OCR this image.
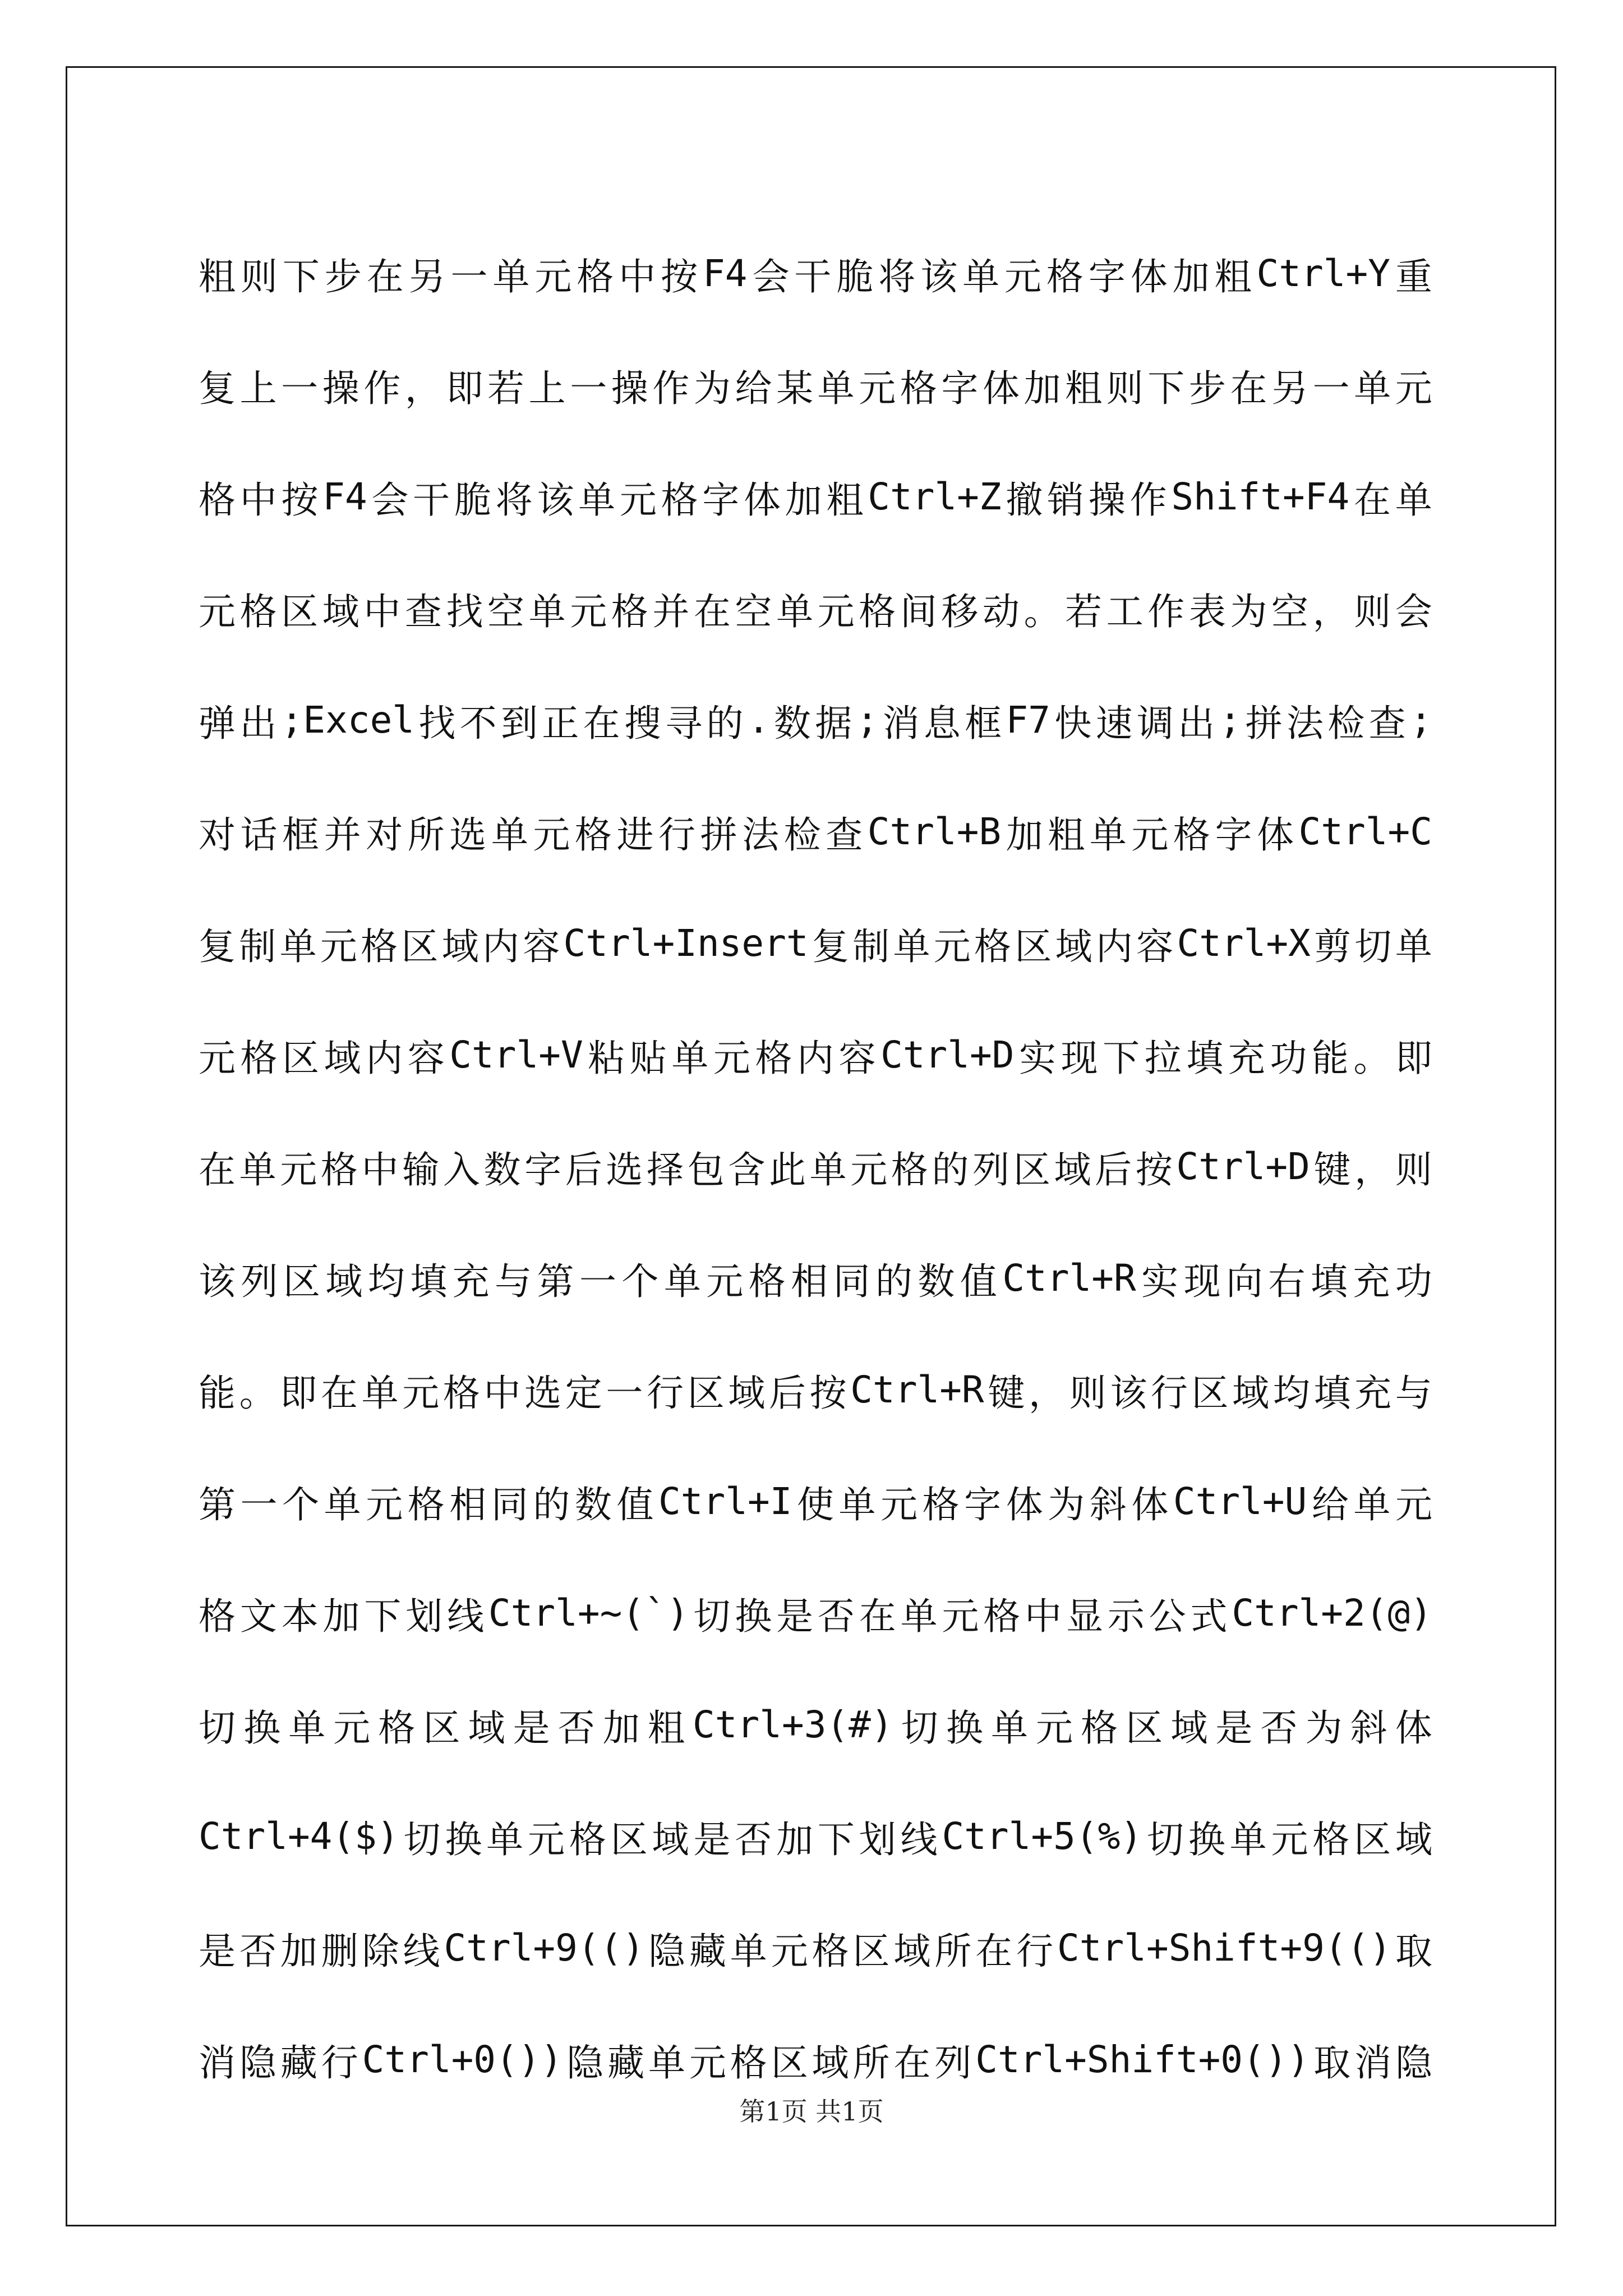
粗 则 下 步 在 另 一 单 元 格 中 按 F4 会 干 脆 将 该 单 元 格 字 体 加 粗 Ctrl+Y 重
复 上 一 操 作 ， 即 若 上 一 操 作 为 给 某 单 元 格 字 体 加 粗 则 下 步 在 另 一 单 元
格 中 按 F4 会 干 脆 将 该 单 元 格 字 体 加 粗 Ctrl+Z 撤 销 操 作 Shift+F4 在 单
元 格 区 域 中 查 找 空 单 元 格 并 在 空 单 元 格 间 移 动 。 若 工 作 表 为 空 ， 则 会
弹 出 ;Excel 找 不 到 正 在 搜 寻 的 . 数 据 ; 消 息 框 F7 快 速 调 出 ; 拼 法 检 查 ;
对 话 框 并 对 所 选 单 元 格 进 行 拼 法 检 查 Ctrl+B 加 粗 单 元 格 字 体 Ctrl+C
复 制 单 元 格 区 域 内 容 Ctrl+Insert 复 制 单 元 格 区 域 内 容 Ctrl+X 剪 切 单
元 格 区 域 内 容 Ctrl+V 粘 贴 单 元 格 内 容 Ctrl+D 实 现 下 拉 填 充 功 能 。 即
在 单 元 格 中 输 入 数 字 后 选 择 包 含 此 单 元 格 的 列 区 域 后 按 Ctrl+D 键 ， 则
该 列 区 域 均 填 充 与 第 一 个 单 元 格 相 同 的 数 值 Ctrl+R 实 现 向 右 填 充 功
能 。 即 在 单 元 格 中 选 定 一 行 区 域 后 按 Ctrl+R 键 ， 则 该 行 区 域 均 填 充 与
第 一 个 单 元 格 相 同 的 数 值 Ctrl+I 使 单 元 格 字 体 为 斜 体 Ctrl+U 给 单 元
格 文 本 加 下 划 线 Ctrl+~(`) 切 换 是 否 在 单 元 格 中 显 示 公 式 Ctrl+2(@)
切 换 单 元 格 区 域 是 否 加 粗 Ctrl+3(#) 切 换 单 元 格 区 域 是 否 为 斜 体
Ctrl+4($) 切 换 单 元 格 区 域 是 否 加 下 划 线 Ctrl+5(%) 切 换 单 元 格 区 域
是 否 加 删 除 线 Ctrl+9(() 隐 藏 单 元 格 区 域 所 在 行 Ctrl+Shift+9(() 取
消 隐 藏 行 Ctrl+0()) 隐 藏 单 元 格 区 域 所 在 列 Ctrl+Shift+0()) 取 消 隐
第1页 共1页
